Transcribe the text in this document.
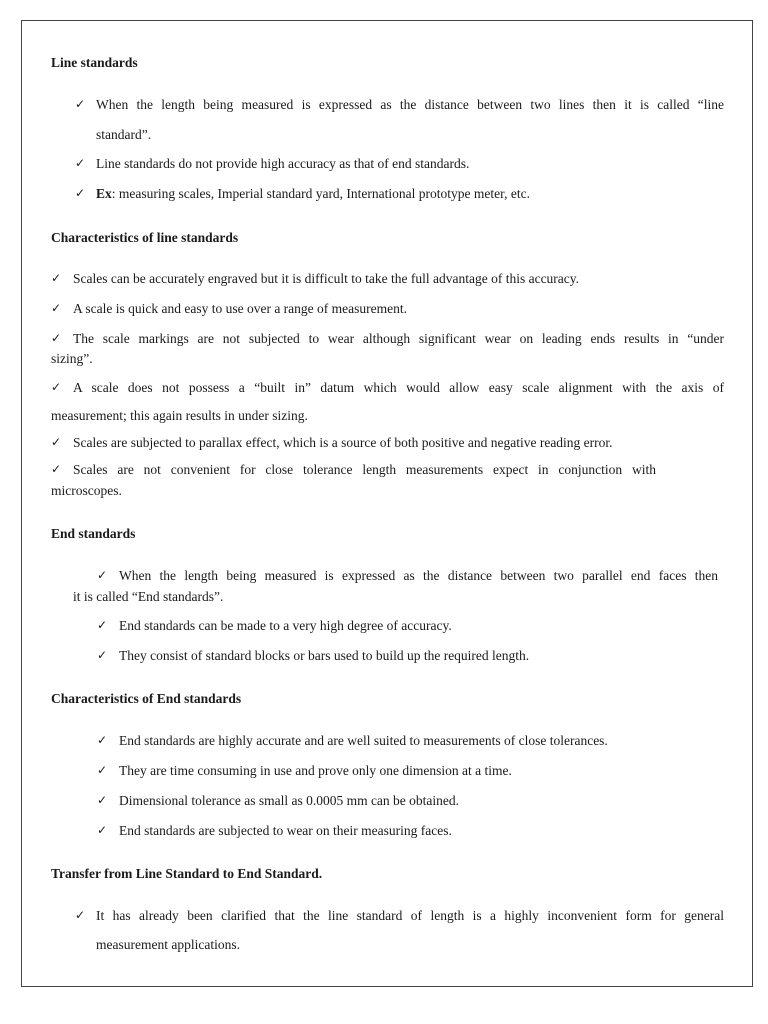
Line standards
✓ When the length being measured is expressed as the distance between two lines then it is called “line
standard”.
✓ Line standards do not provide high accuracy as that of end standards.
✓ Ex: measuring scales, Imperial standard yard, International prototype meter, etc.
Characteristics of line standards
✓ Scales can be accurately engraved but it is difficult to take the full advantage of this accuracy.
✓ A scale is quick and easy to use over a range of measurement.
✓ The scale markings are not subjected to wear although significant wear on leading ends results in “under
sizing”.
✓ A scale does not possess a “built in” datum which would allow easy scale alignment with the axis of
measurement; this again results in under sizing.
✓ Scales are subjected to parallax effect, which is a source of both positive and negative reading error.
✓ Scales are not convenient for close tolerance length measurements expect in conjunction with
microscopes.
End standards
✓ When the length being measured is expressed as the distance between two parallel end faces then
it is called “End standards”.
✓ End standards can be made to a very high degree of accuracy.
✓ They consist of standard blocks or bars used to build up the required length.
Characteristics of End standards
✓ End standards are highly accurate and are well suited to measurements of close tolerances.
✓ They are time consuming in use and prove only one dimension at a time.
✓ Dimensional tolerance as small as 0.0005 mm can be obtained.
✓ End standards are subjected to wear on their measuring faces.
Transfer from Line Standard to End Standard.
✓ It has already been clarified that the line standard of length is a highly inconvenient form for general
measurement applications.
